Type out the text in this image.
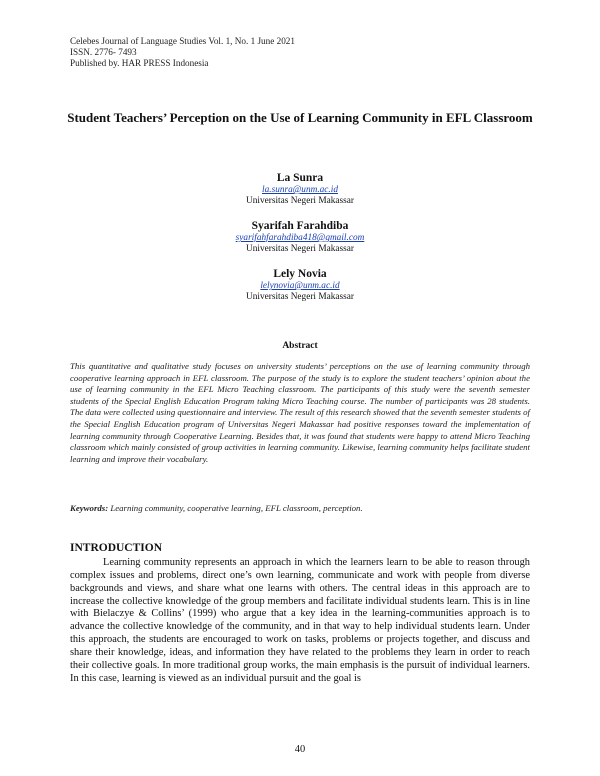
Celebes Journal of Language Studies Vol. 1, No. 1 June 2021
ISSN. 2776- 7493
Published by. HAR PRESS Indonesia
Student Teachers’ Perception on the Use of Learning Community in EFL Classroom
La Sunra
la.sunra@unm.ac.id
Universitas Negeri Makassar
Syarifah Farahdiba
syarifahfarahdiba418@gmail.com
Universitas Negeri Makassar
Lely Novia
lelynovia@unm.ac.id
Universitas Negeri Makassar
Abstract
This quantitative and qualitative study focuses on university students’ perceptions on the use of learning community through cooperative learning approach in EFL classroom. The purpose of the study is to explore the student teachers’ opinion about the use of learning community in the EFL Micro Teaching classroom. The participants of this study were the seventh semester students of the Special English Education Program taking Micro Teaching course. The number of participants was 28 students. The data were collected using questionnaire and interview. The result of this research showed that the seventh semester students of the Special English Education program of Universitas Negeri Makassar had positive responses toward the implementation of learning community through Cooperative Learning. Besides that, it was found that students were happy to attend Micro Teaching classroom which mainly consisted of group activities in learning community. Likewise, learning community helps facilitate student learning and improve their vocabulary.
Keywords: Learning community, cooperative learning, EFL classroom, perception.
INTRODUCTION
Learning community represents an approach in which the learners learn to be able to reason through complex issues and problems, direct one’s own learning, communicate and work with people from diverse backgrounds and views, and share what one learns with others. The central ideas in this approach are to increase the collective knowledge of the group members and facilitate individual students learn. This is in line with Bielaczye & Collins’ (1999) who argue that a key idea in the learning-communities approach is to advance the collective knowledge of the community, and in that way to help individual students learn. Under this approach, the students are encouraged to work on tasks, problems or projects together, and discuss and share their knowledge, ideas, and information they have related to the problems they learn in order to reach their collective goals. In more traditional group works, the main emphasis is the pursuit of individual learners. In this case, learning is viewed as an individual pursuit and the goal is
40
